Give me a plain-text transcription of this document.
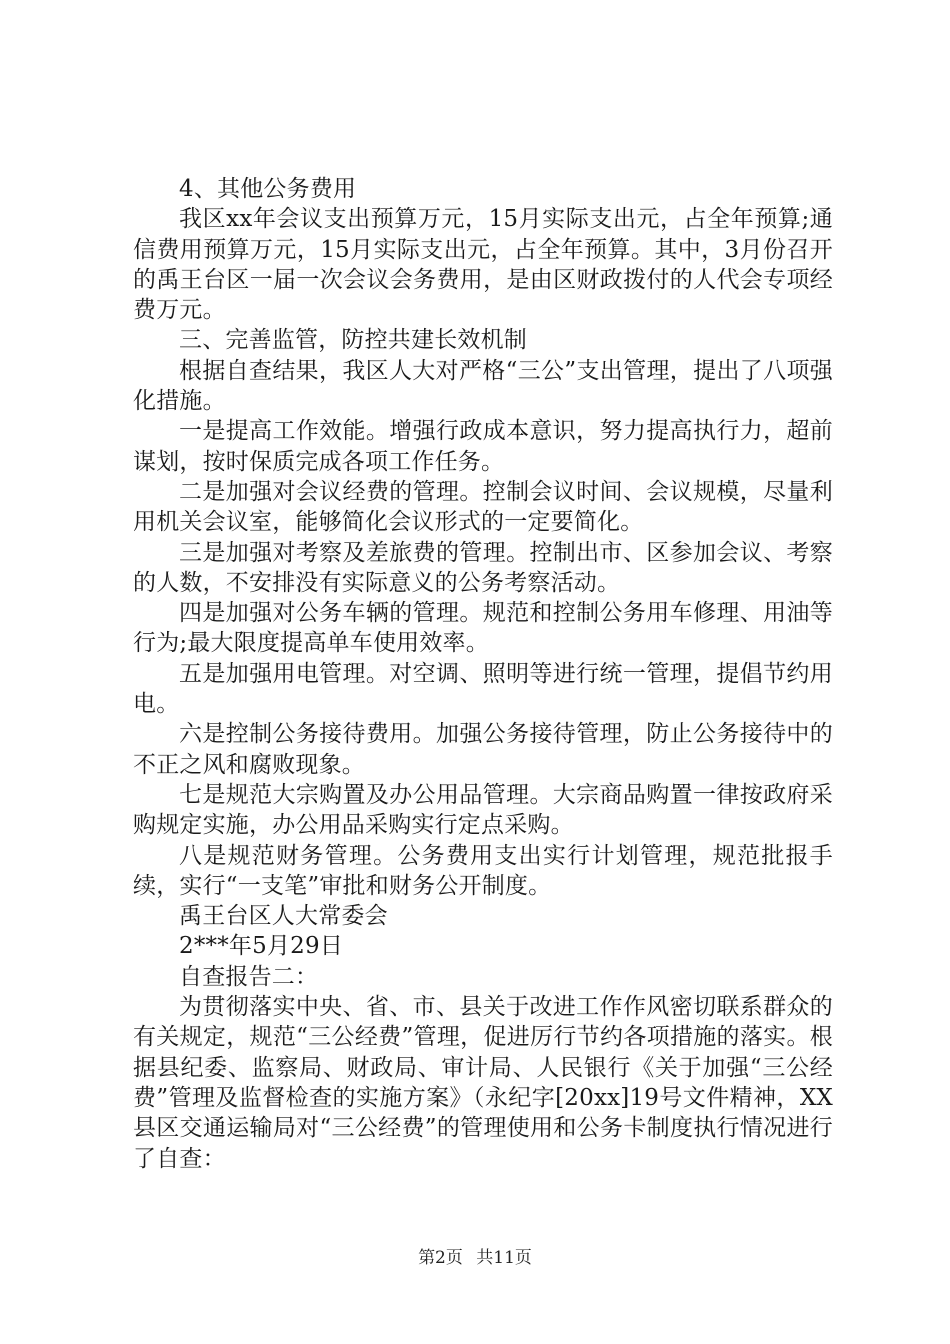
4、其他公务费用

我区xx年会议支出预算万元，15月实际支出元，占全年预算;通信费用预算万元，15月实际支出元，占全年预算。其中，3月份召开的禹王台区一届一次会议会务费用，是由区财政拨付的人代会专项经费万元。

三、完善监管，防控共建长效机制

根据自查结果，我区人大对严格“三公”支出管理，提出了八项强化措施。

一是提高工作效能。增强行政成本意识，努力提高执行力，超前谋划，按时保质完成各项工作任务。

二是加强对会议经费的管理。控制会议时间、会议规模，尽量利用机关会议室，能够简化会议形式的一定要简化。

三是加强对考察及差旅费的管理。控制出市、区参加会议、考察的人数，不安排没有实际意义的公务考察活动。

四是加强对公务车辆的管理。规范和控制公务用车修理、用油等行为;最大限度提高单车使用效率。

五是加强用电管理。对空调、照明等进行统一管理，提倡节约用电。

六是控制公务接待费用。加强公务接待管理，防止公务接待中的不正之风和腐败现象。

七是规范大宗购置及办公用品管理。大宗商品购置一律按政府采购规定实施，办公用品采购实行定点采购。

八是规范财务管理。公务费用支出实行计划管理，规范批报手续，实行“一支笔”审批和财务公开制度。

禹王台区人大常委会

2***年5月29日

自查报告二：

为贯彻落实中央、省、市、县关于改进工作作风密切联系群众的有关规定，规范“三公经费”管理，促进厉行节约各项措施的落实。根据县纪委、监察局、财政局、审计局、人民银行《关于加强“三公经费”管理及监督检查的实施方案》（永纪字[20xx]19号文件精神，XX县区交通运输局对“三公经费”的管理使用和公务卡制度执行情况进行了自查：

第2页 共11页
